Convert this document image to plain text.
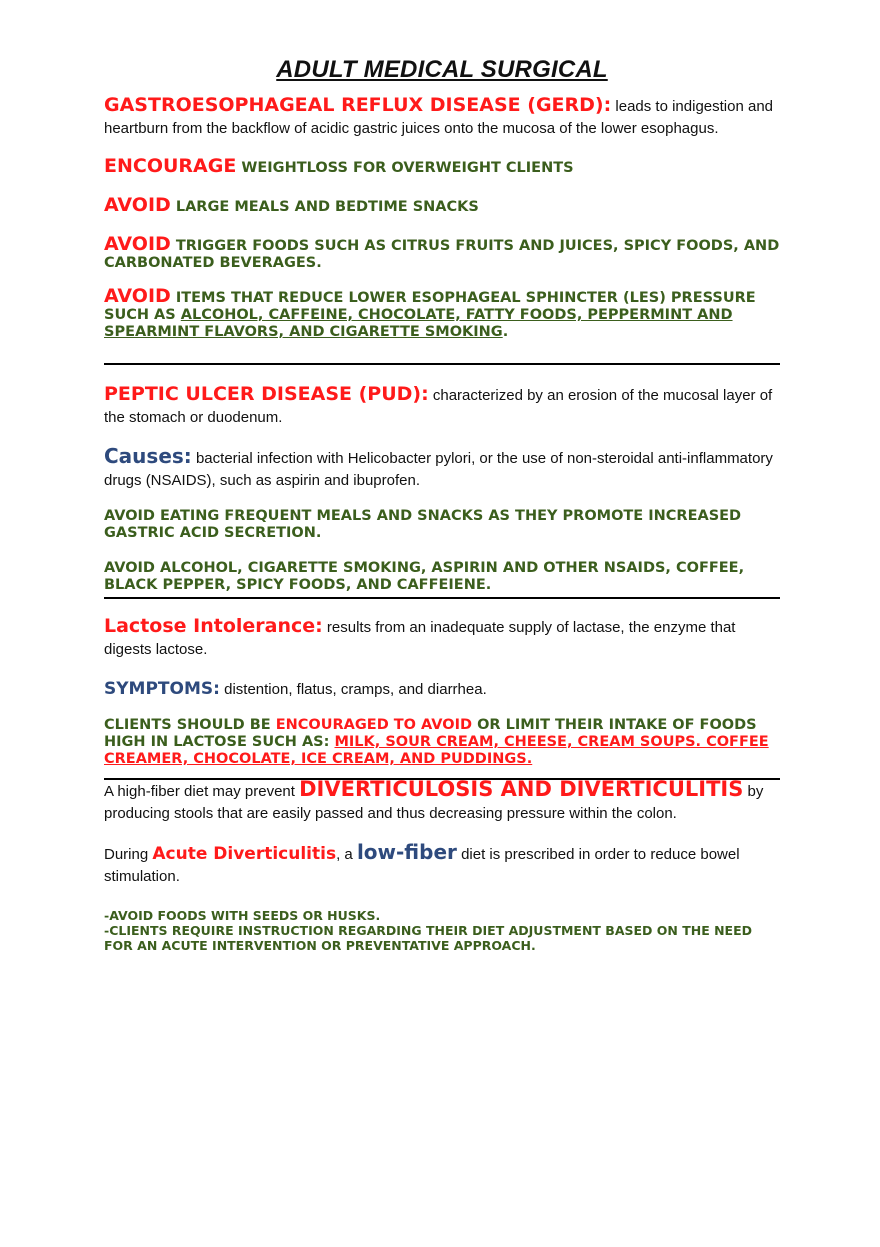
ADULT MEDICAL SURGICAL

GASTROESOPHAGEAL REFLUX DISEASE (GERD): leads to indigestion and heartburn from the backflow of acidic gastric juices onto the mucosa of the lower esophagus.

ENCOURAGE WEIGHTLOSS FOR OVERWEIGHT CLIENTS

AVOID LARGE MEALS AND BEDTIME SNACKS

AVOID TRIGGER FOODS SUCH AS CITRUS FRUITS AND JUICES, SPICY FOODS, AND CARBONATED BEVERAGES.

AVOID ITEMS THAT REDUCE LOWER ESOPHAGEAL SPHINCTER (LES) PRESSURE SUCH AS ALCOHOL, CAFFEINE, CHOCOLATE, FATTY FOODS, PEPPERMINT AND SPEARMINT FLAVORS, AND CIGARETTE SMOKING.

PEPTIC ULCER DISEASE (PUD): characterized by an erosion of the mucosal layer of the stomach or duodenum.

Causes: bacterial infection with Helicobacter pylori, or the use of non-steroidal anti-inflammatory drugs (NSAIDS), such as aspirin and ibuprofen.

AVOID EATING FREQUENT MEALS AND SNACKS AS THEY PROMOTE INCREASED GASTRIC ACID SECRETION.

AVOID ALCOHOL, CIGARETTE SMOKING, ASPIRIN AND OTHER NSAIDS, COFFEE, BLACK PEPPER, SPICY FOODS, AND CAFFEIENE.

Lactose Intolerance: results from an inadequate supply of lactase, the enzyme that digests lactose.

SYMPTOMS: distention, flatus, cramps, and diarrhea.

CLIENTS SHOULD BE ENCOURAGED TO AVOID OR LIMIT THEIR INTAKE OF FOODS HIGH IN LACTOSE SUCH AS: MILK, SOUR CREAM, CHEESE, CREAM SOUPS. COFFEE CREAMER, CHOCOLATE, ICE CREAM, AND PUDDINGS.

A high-fiber diet may prevent DIVERTICULOSIS AND DIVERTICULITIS by producing stools that are easily passed and thus decreasing pressure within the colon.

During Acute Diverticulitis, a low-fiber diet is prescribed in order to reduce bowel stimulation.

-AVOID FOODS WITH SEEDS OR HUSKS.

-CLIENTS REQUIRE INSTRUCTION REGARDING THEIR DIET ADJUSTMENT BASED ON THE NEED FOR AN ACUTE INTERVENTION OR PREVENTATIVE APPROACH.
